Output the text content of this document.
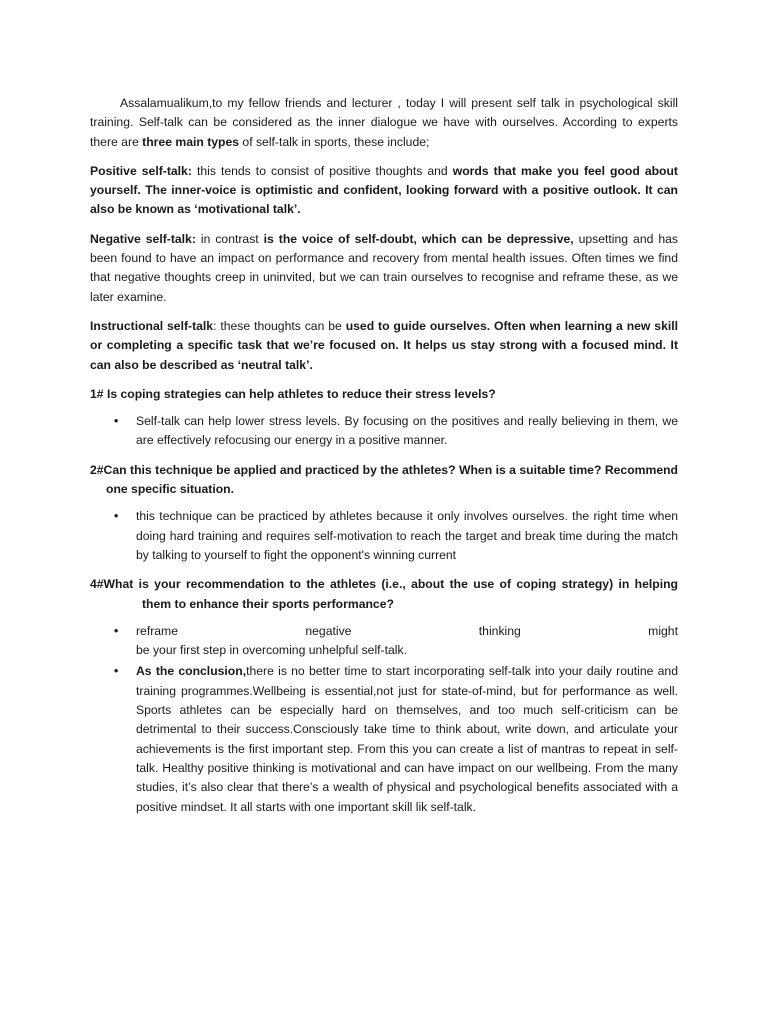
Assalamualikum,to my fellow friends and lecturer , today I will present self talk in psychological skill training. Self-talk can be considered as the inner dialogue we have with ourselves. According to experts there are three main types of self-talk in sports, these include;

Positive self-talk: this tends to consist of positive thoughts and words that make you feel good about yourself. The inner-voice is optimistic and confident, looking forward with a positive outlook. It can also be known as ‘motivational talk’.

Negative self-talk: in contrast is the voice of self-doubt, which can be depressive, upsetting and has been found to have an impact on performance and recovery from mental health issues. Often times we find that negative thoughts creep in uninvited, but we can train ourselves to recognise and reframe these, as we later examine.

Instructional self-talk: these thoughts can be used to guide ourselves. Often when learning a new skill or completing a specific task that we’re focused on. It helps us stay strong with a focused mind. It can also be described as ‘neutral talk’.

1# Is coping strategies can help athletes to reduce their stress levels?

• Self-talk can help lower stress levels. By focusing on the positives and really believing in them, we are effectively refocusing our energy in a positive manner.

2#Can this technique be applied and practiced by the athletes? When is a suitable time? Recommend one specific situation.

• this technique can be practiced by athletes because it only involves ourselves. the right time when doing hard training and requires self-motivation to reach the target and break time during the match by talking to yourself to fight the opponent's winning current

4#What is your recommendation to the athletes (i.e., about the use of coping strategy) in helping them to enhance their sports performance?

• reframe	negative	thinking	might
be your first step in overcoming unhelpful self-talk.
• As the conclusion,there is no better time to start incorporating self-talk into your daily routine and training programmes.Wellbeing is essential,not just for state-of-mind, but for performance as well. Sports athletes can be especially hard on themselves, and too much self-criticism can be detrimental to their success.Consciously take time to think about, write down, and articulate your achievements is the first important step. From this you can create a list of mantras to repeat in self-talk. Healthy positive thinking is motivational and can have impact on our wellbeing. From the many studies, it’s also clear that there’s a wealth of physical and psychological benefits associated with a positive mindset. It all starts with one important skill lik self-talk.
